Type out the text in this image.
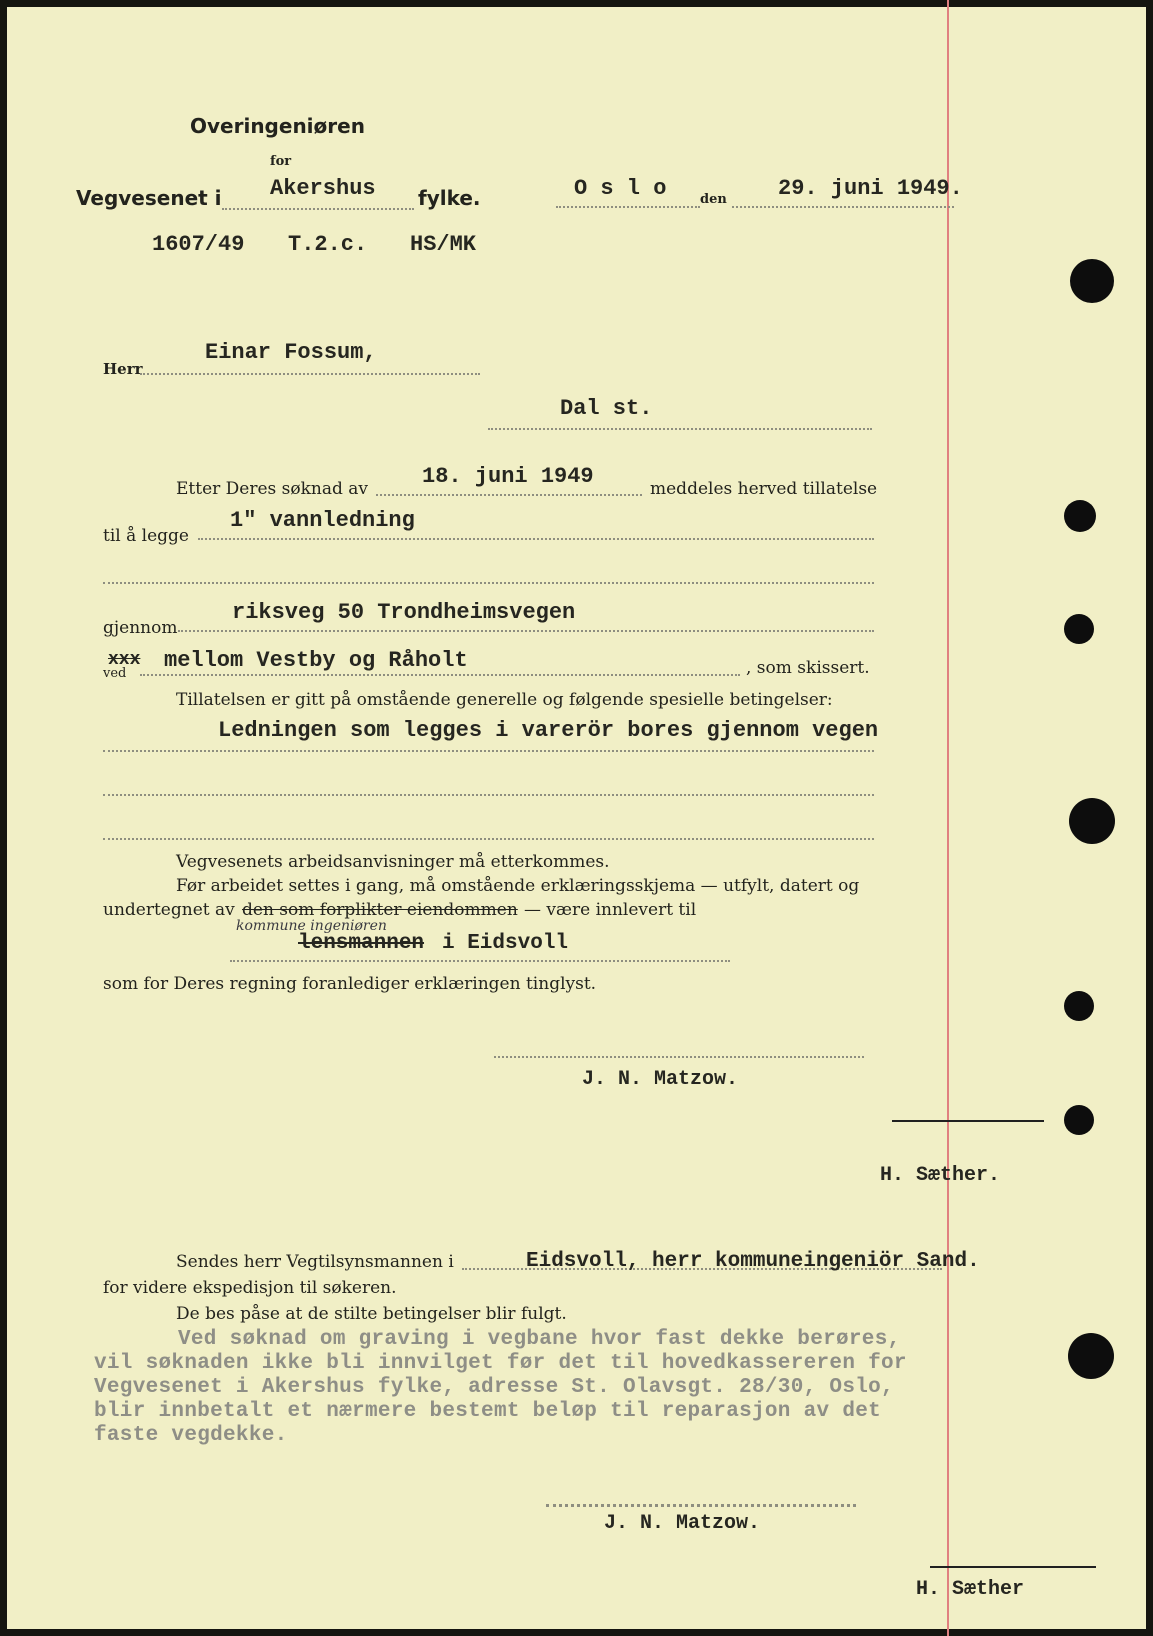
Overingeniøren
for
Vegvesenet i Akershus fylke.	O s l o	den 29. juni 1949.
1607/49 T.2.c. HS/MK
Herr
Einar Fossum,
Dal st.
Etter Deres søknad av 18. juni 1949	meddeles herved tillatelse
til å legge
1" vannledning
gjennom
riksveg 50 Trondheimsvegen
ved
xxx mellom Vestby og Råholt	, som skissert.
Tillatelsen er gitt på omstående generelle og følgende spesielle betingelser:
Ledningen som legges i varerör bores gjennom vegen
Vegvesenets arbeidsanvisninger må etterkommes.
Før arbeidet settes i gang, må omstående erklæringsskjema — utfylt, datert og
undertegnet av den som forplikter eiendommen — være innlevert til
kommune ingeniøren
lensmannen i Eidsvoll
som for Deres regning foranlediger erklæringen tinglyst.
J. N. Matzow.
H. Sæther.
Sendes herr Vegtilsynsmannen i	Eidsvoll, herr kommuneingeniör Sand.
for videre ekspedisjon til søkeren.
De bes påse at de stilte betingelser blir fulgt.
Ved søknad om graving i vegbane hvor fast dekke berøres,
vil søknaden ikke bli innvilget før det til hovedkassereren for
Vegvesenet i Akershus fylke, adresse St. Olavsgt. 28/30, Oslo,
blir innbetalt et nærmere bestemt beløp til reparasjon av det
faste vegdekke.
J. N. Matzow.
H. Sæther
